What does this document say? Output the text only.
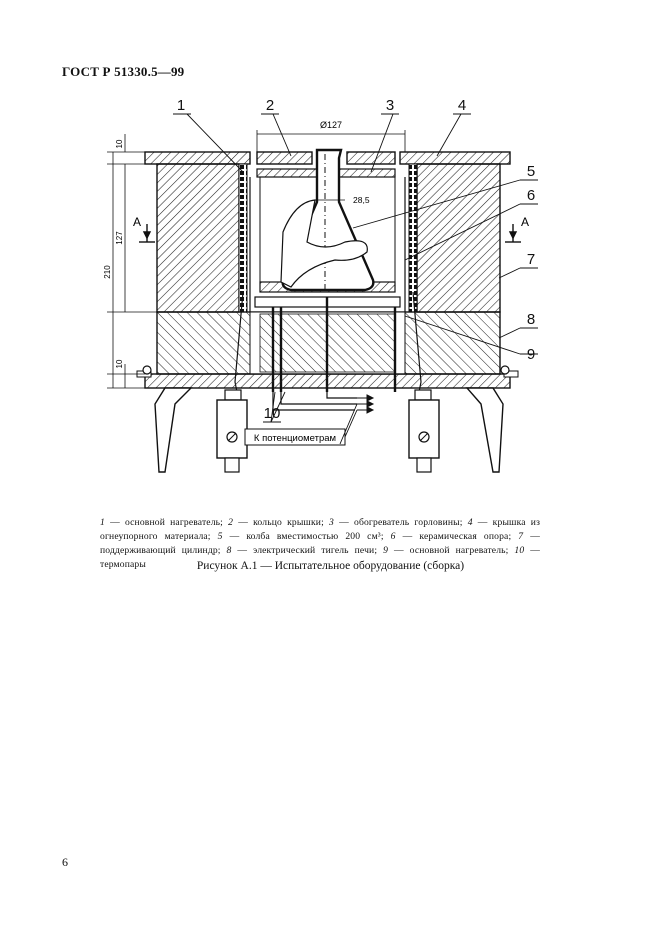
ГОСТ Р 51330.5—99
К потенциометрам
Ø127
28,5
10
127
210
10
А	А
1	2	3	4
5
6
7
8
9
10
1 — основной нагреватель; 2 — кольцо крышки; 3 — обогреватель горловины; 4 — крышка из огнеупорного материала; 5 — колба вместимостью 200 см³; 6 — керамическая опора; 7 — поддерживающий цилиндр; 8 — электрический тигель печи; 9 — основной нагреватель; 10 — термопары	Рисунок А.1 — Испытательное оборудование (сборка)
6
